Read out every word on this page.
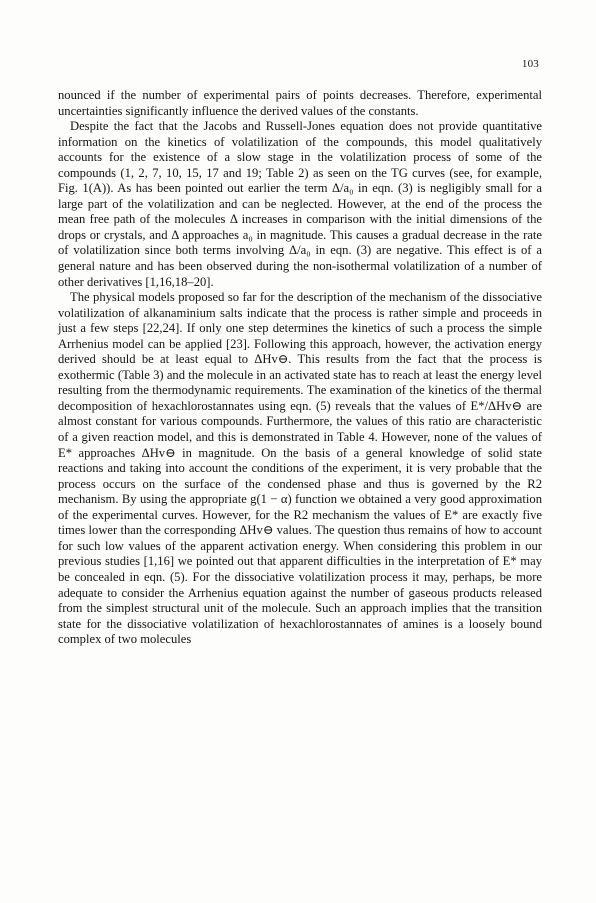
103

nounced if the number of experimental pairs of points decreases. Therefore, experimental uncertainties significantly influence the derived values of the constants.

Despite the fact that the Jacobs and Russell-Jones equation does not provide quantitative information on the kinetics of volatilization of the compounds, this model qualitatively accounts for the existence of a slow stage in the volatilization process of some of the compounds (1, 2, 7, 10, 15, 17 and 19; Table 2) as seen on the TG curves (see, for example, Fig. 1(A)). As has been pointed out earlier the term Δ/a₀ in eqn. (3) is negligibly small for a large part of the volatilization and can be neglected. However, at the end of the process the mean free path of the molecules Δ increases in comparison with the initial dimensions of the drops or crystals, and Δ approaches a₀ in magnitude. This causes a gradual decrease in the rate of volatilization since both terms involving Δ/a₀ in eqn. (3) are negative. This effect is of a general nature and has been observed during the non-isothermal volatilization of a number of other derivatives [1,16,18–20].

The physical models proposed so far for the description of the mechanism of the dissociative volatilization of alkanaminium salts indicate that the process is rather simple and proceeds in just a few steps [22,24]. If only one step determines the kinetics of such a process the simple Arrhenius model can be applied [23]. Following this approach, however, the activation energy derived should be at least equal to ΔHv⊖. This results from the fact that the process is exothermic (Table 3) and the molecule in an activated state has to reach at least the energy level resulting from the thermodynamic requirements. The examination of the kinetics of the thermal decomposition of hexachlorostannates using eqn. (5) reveals that the values of E*/ΔHv⊖ are almost constant for various compounds. Furthermore, the values of this ratio are characteristic of a given reaction model, and this is demonstrated in Table 4. However, none of the values of E* approaches ΔHv⊖ in magnitude. On the basis of a general knowledge of solid state reactions and taking into account the conditions of the experiment, it is very probable that the process occurs on the surface of the condensed phase and thus is governed by the R2 mechanism. By using the appropriate g(1 − α) function we obtained a very good approximation of the experimental curves. However, for the R2 mechanism the values of E* are exactly five times lower than the corresponding ΔHv⊖ values. The question thus remains of how to account for such low values of the apparent activation energy. When considering this problem in our previous studies [1,16] we pointed out that apparent difficulties in the interpretation of E* may be concealed in eqn. (5). For the dissociative volatilization process it may, perhaps, be more adequate to consider the Arrhenius equation against the number of gaseous products released from the simplest structural unit of the molecule. Such an approach implies that the transition state for the dissociative volatilization of hexachlorostannates of amines is a loosely bound complex of two molecules
